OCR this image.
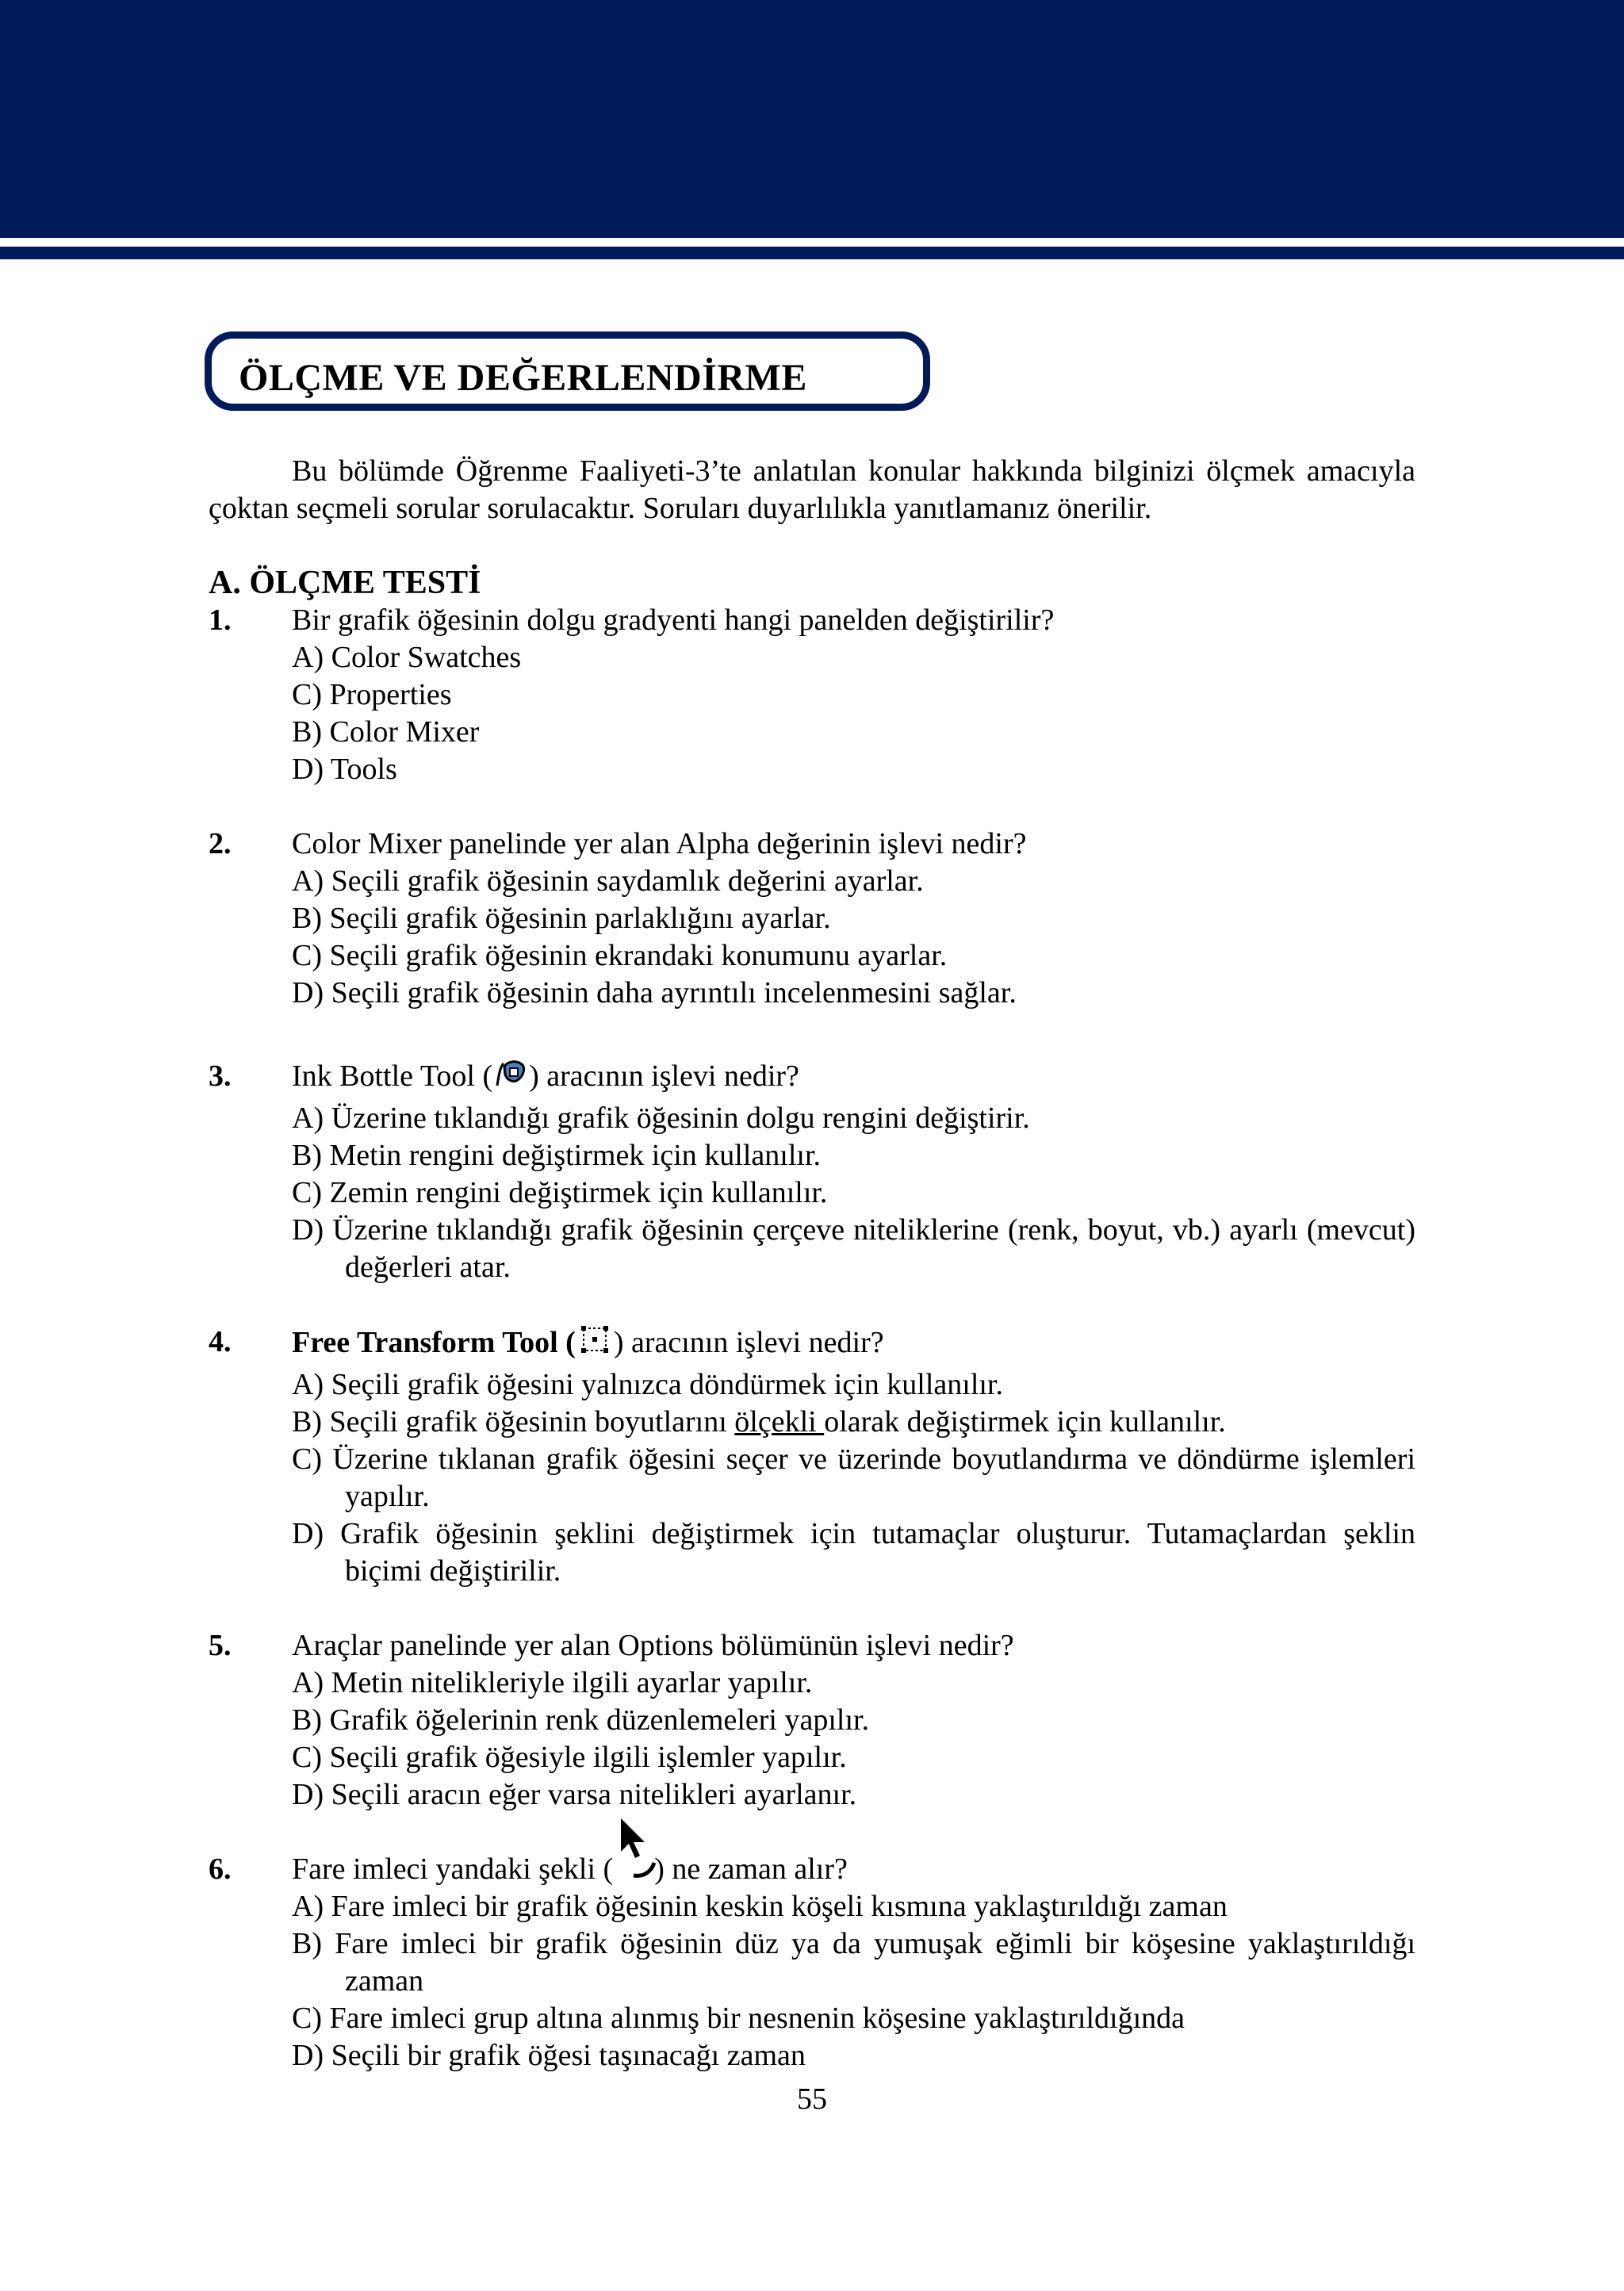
ÖLÇME VE DEĞERLENDİRME

Bu bölümde Öğrenme Faaliyeti-3’te anlatılan konular hakkında bilginizi ölçmek amacıyla çoktan seçmeli sorular sorulacaktır. Soruları duyarlılıkla yanıtlamanız önerilir.

A. ÖLÇME TESTİ
1. Bir grafik öğesinin dolgu gradyenti hangi panelden değiştirilir?
A) Color Swatches
C) Properties
B) Color Mixer
D) Tools
2. Color Mixer panelinde yer alan Alpha değerinin işlevi nedir?
A) Seçili grafik öğesinin saydamlık değerini ayarlar.
B) Seçili grafik öğesinin parlaklığını ayarlar.
C) Seçili grafik öğesinin ekrandaki konumunu ayarlar.
D) Seçili grafik öğesinin daha ayrıntılı incelenmesini sağlar.
3. Ink Bottle Tool ( ) aracının işlevi nedir?
A) Üzerine tıklandığı grafik öğesinin dolgu rengini değiştirir.
B) Metin rengini değiştirmek için kullanılır.
C) Zemin rengini değiştirmek için kullanılır.
D) Üzerine tıklandığı grafik öğesinin çerçeve niteliklerine (renk, boyut, vb.) ayarlı (mevcut) değerleri atar.
4. Free Transform Tool ( ) aracının işlevi nedir?
A) Seçili grafik öğesini yalnızca döndürmek için kullanılır.
B) Seçili grafik öğesinin boyutlarını ölçekli olarak değiştirmek için kullanılır.
C) Üzerine tıklanan grafik öğesini seçer ve üzerinde boyutlandırma ve döndürme işlemleri yapılır.
D) Grafik öğesinin şeklini değiştirmek için tutamaçlar oluşturur. Tutamaçlardan şeklin biçimi değiştirilir.
5. Araçlar panelinde yer alan Options bölümünün işlevi nedir?
A) Metin nitelikleriyle ilgili ayarlar yapılır.
B) Grafik öğelerinin renk düzenlemeleri yapılır.
C) Seçili grafik öğesiyle ilgili işlemler yapılır.
D) Seçili aracın eğer varsa nitelikleri ayarlanır.
6. Fare imleci yandaki şekli ( ) ne zaman alır?
A) Fare imleci bir grafik öğesinin keskin köşeli kısmına yaklaştırıldığı zaman
B) Fare imleci bir grafik öğesinin düz ya da yumuşak eğimli bir köşesine yaklaştırıldığı zaman
C) Fare imleci grup altına alınmış bir nesnenin köşesine yaklaştırıldığında
D) Seçili bir grafik öğesi taşınacağı zaman
55
